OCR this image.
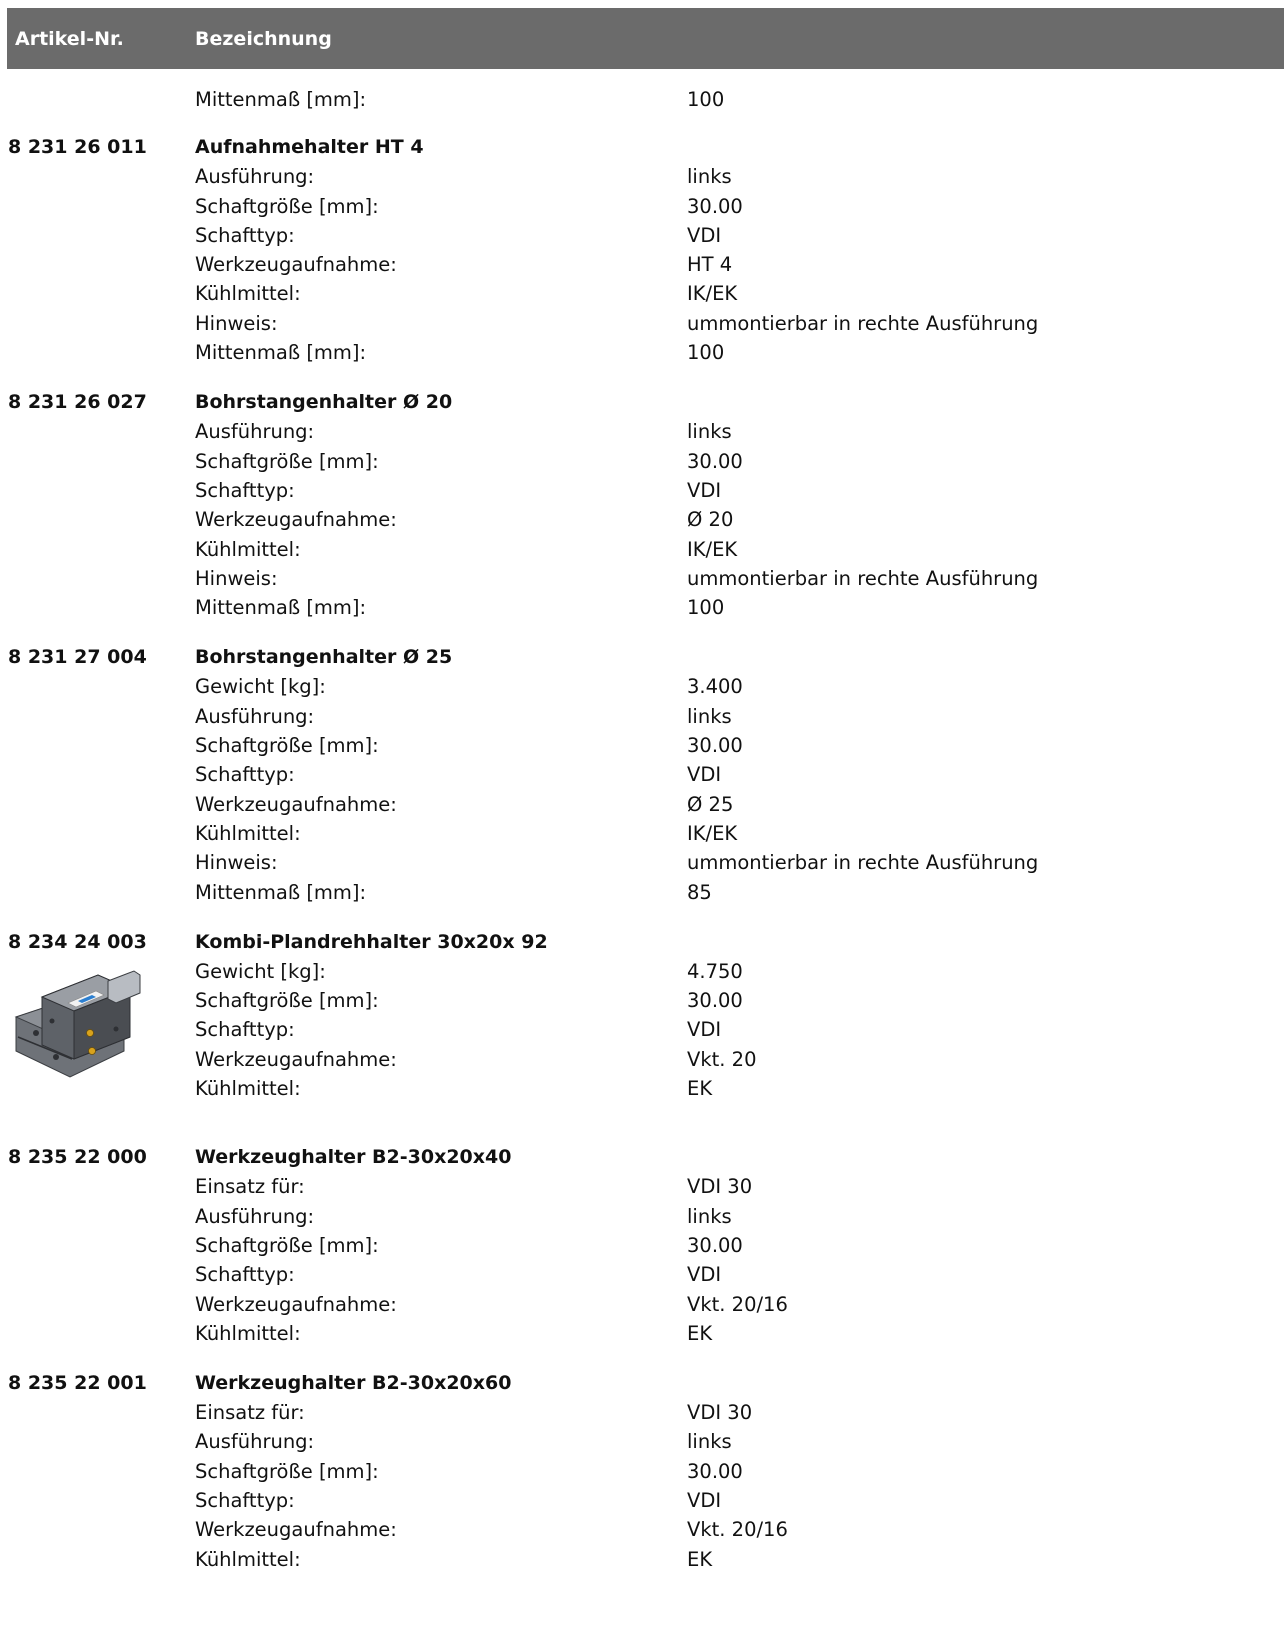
Artikel-Nr.	Bezeichnung
Mittenmaß [mm]:	100
8 231 26 011	Aufnahmehalter HT 4
Ausführung:	links
Schaftgröße [mm]:	30.00
Schafttyp:	VDI
Werkzeugaufnahme:	HT 4
Kühlmittel:	IK/EK
Hinweis:	ummontierbar in rechte Ausführung
Mittenmaß [mm]:	100
8 231 26 027	Bohrstangenhalter Ø 20
Ausführung:	links
Schaftgröße [mm]:	30.00
Schafttyp:	VDI
Werkzeugaufnahme:	Ø 20
Kühlmittel:	IK/EK
Hinweis:	ummontierbar in rechte Ausführung
Mittenmaß [mm]:	100
8 231 27 004	Bohrstangenhalter Ø 25
Gewicht [kg]:	3.400
Ausführung:	links
Schaftgröße [mm]:	30.00
Schafttyp:	VDI
Werkzeugaufnahme:	Ø 25
Kühlmittel:	IK/EK
Hinweis:	ummontierbar in rechte Ausführung
Mittenmaß [mm]:	85
8 234 24 003	Kombi-Plandrehhalter 30x20x 92
Gewicht [kg]:	4.750
Schaftgröße [mm]:	30.00
Schafttyp:	VDI
Werkzeugaufnahme:	Vkt. 20
Kühlmittel:	EK
8 235 22 000	Werkzeughalter B2-30x20x40
Einsatz für:	VDI 30
Ausführung:	links
Schaftgröße [mm]:	30.00
Schafttyp:	VDI
Werkzeugaufnahme:	Vkt. 20/16
Kühlmittel:	EK
8 235 22 001	Werkzeughalter B2-30x20x60
Einsatz für:	VDI 30
Ausführung:	links
Schaftgröße [mm]:	30.00
Schafttyp:	VDI
Werkzeugaufnahme:	Vkt. 20/16
Kühlmittel:	EK
